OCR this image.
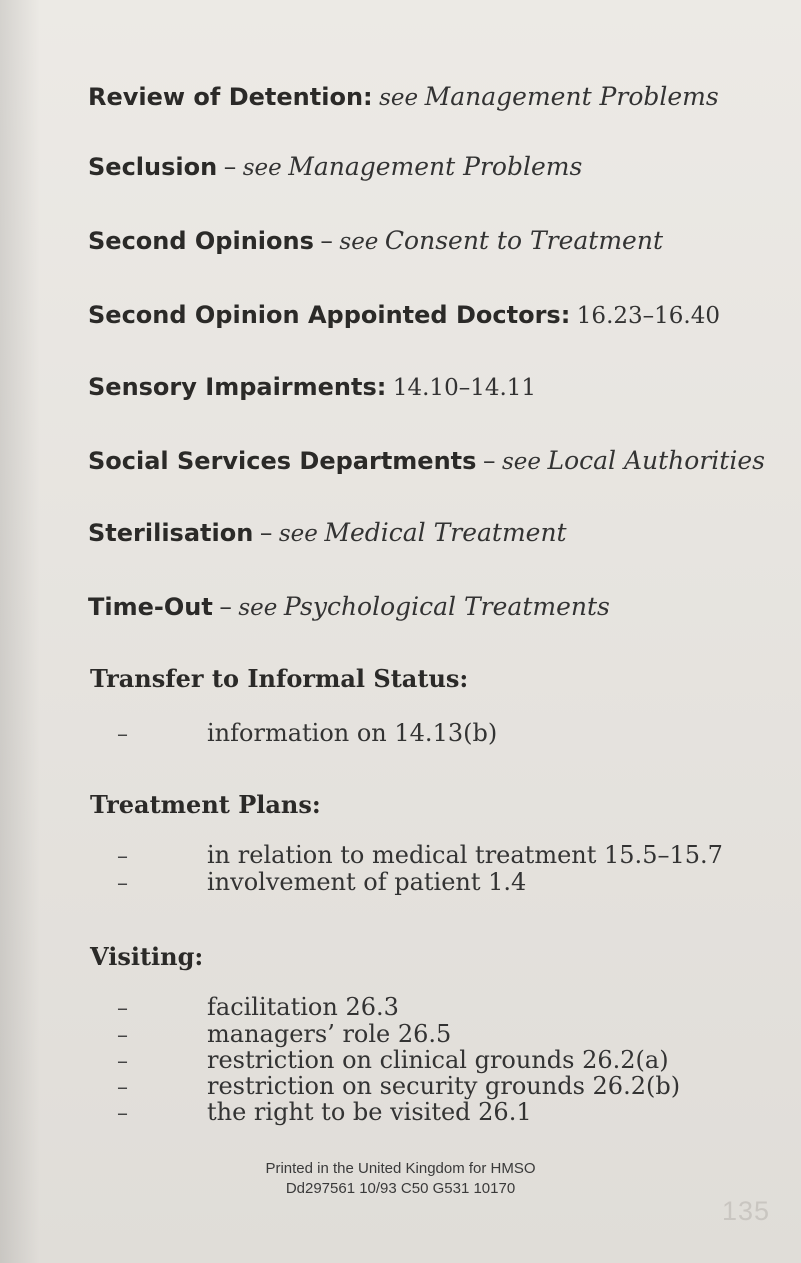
Review of Detention: see Management Problems
Seclusion – see Management Problems
Second Opinions – see Consent to Treatment
Second Opinion Appointed Doctors: 16.23–16.40
Sensory Impairments: 14.10–14.11
Social Services Departments – see Local Authorities
Sterilisation – see Medical Treatment
Time-Out – see Psychological Treatments
Transfer to Informal Status:
–	information on 14.13(b)
Treatment Plans:
–	in relation to medical treatment 15.5–15.7
–	involvement of patient 1.4
Visiting:
–	facilitation 26.3
–	managers’ role 26.5
–	restriction on clinical grounds 26.2(a)
–	restriction on security grounds 26.2(b)
–	the right to be visited 26.1
Printed in the United Kingdom for HMSO
Dd297561 10/93 C50 G531 10170
135
